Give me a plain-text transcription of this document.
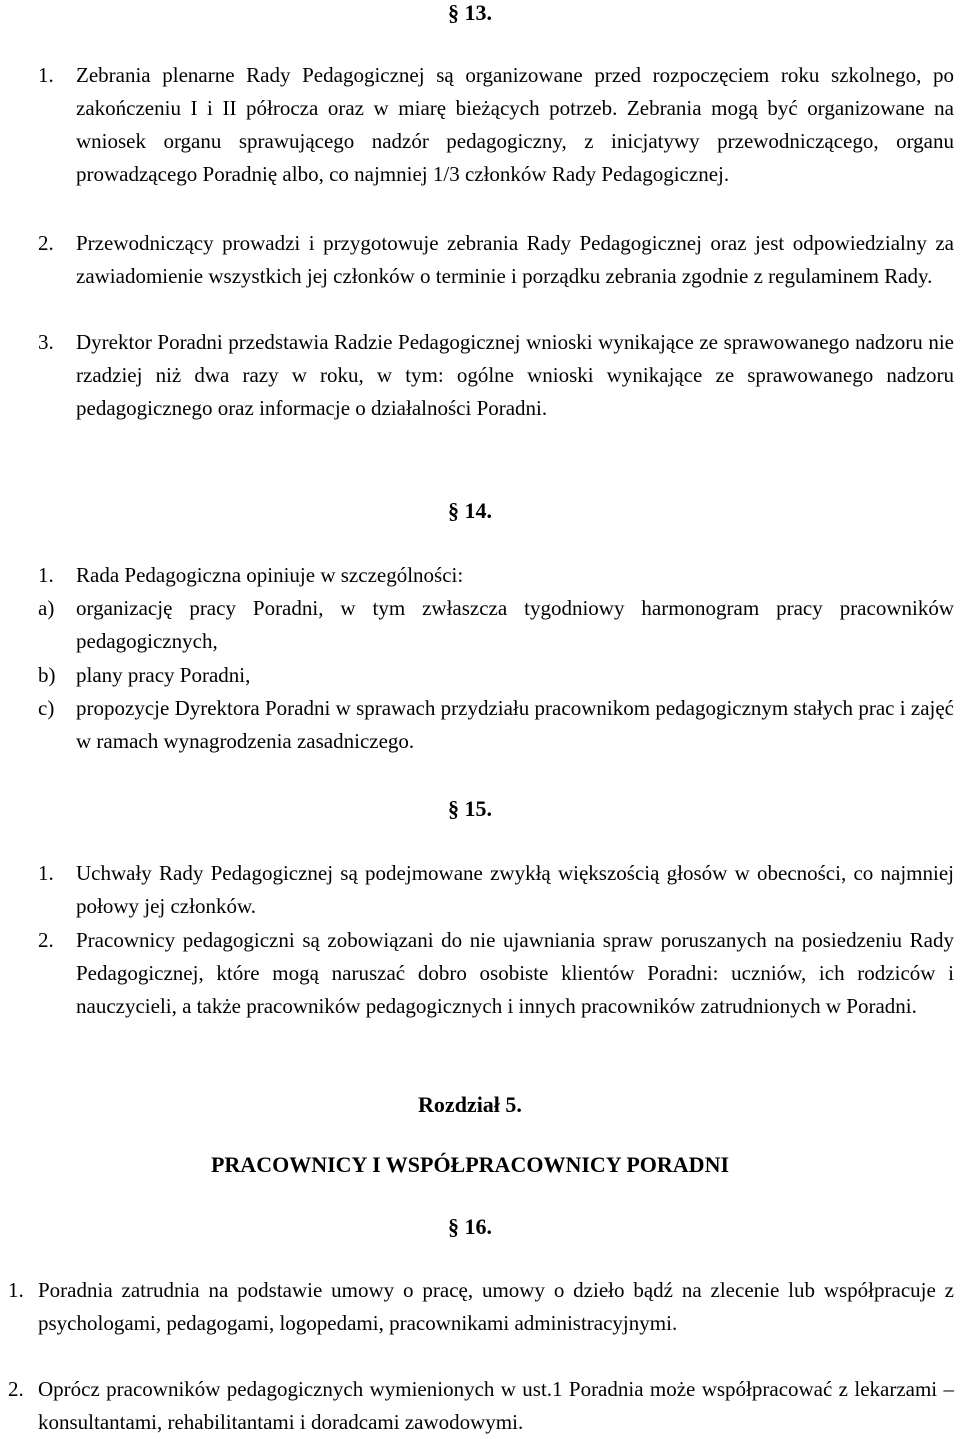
§ 13.
1. Zebrania plenarne Rady Pedagogicznej są organizowane przed rozpoczęciem roku szkolnego, po zakończeniu I i II półrocza oraz w miarę bieżących potrzeb. Zebrania mogą być organizowane na wniosek organu sprawującego nadzór pedagogiczny, z inicjatywy przewodniczącego, organu prowadzącego Poradnię albo, co najmniej 1/3 członków Rady Pedagogicznej.
2. Przewodniczący prowadzi i przygotowuje zebrania Rady Pedagogicznej oraz jest odpowiedzialny za zawiadomienie wszystkich jej członków o terminie i porządku zebrania zgodnie z regulaminem Rady.
3. Dyrektor Poradni przedstawia Radzie Pedagogicznej wnioski wynikające ze sprawowanego nadzoru nie rzadziej niż dwa razy w roku, w tym: ogólne wnioski wynikające ze sprawowanego nadzoru pedagogicznego oraz informacje o działalności Poradni.
§ 14.
1. Rada Pedagogiczna opiniuje w szczególności:
a) organizację pracy Poradni, w tym zwłaszcza tygodniowy harmonogram pracy pracowników pedagogicznych,
b) plany pracy Poradni,
c) propozycje Dyrektora Poradni w sprawach przydziału pracownikom pedagogicznym stałych prac i zajęć w ramach wynagrodzenia zasadniczego.
§ 15.
1. Uchwały Rady Pedagogicznej są podejmowane zwykłą większością głosów w obecności, co najmniej połowy jej członków.
2. Pracownicy pedagogiczni są zobowiązani do nie ujawniania spraw poruszanych na posiedzeniu Rady Pedagogicznej, które mogą naruszać dobro osobiste klientów Poradni: uczniów, ich rodziców i nauczycieli, a także pracowników pedagogicznych i innych pracowników zatrudnionych w Poradni.
Rozdział 5.
PRACOWNICY I WSPÓŁPRACOWNICY PORADNI
§ 16.
1. Poradnia zatrudnia na podstawie umowy o pracę, umowy o dzieło bądź na zlecenie lub współpracuje z psychologami, pedagogami, logopedami, pracownikami administracyjnymi.
2. Oprócz pracowników pedagogicznych wymienionych w ust.1 Poradnia może współpracować z lekarzami – konsultantami, rehabilitantami i doradcami zawodowymi.
